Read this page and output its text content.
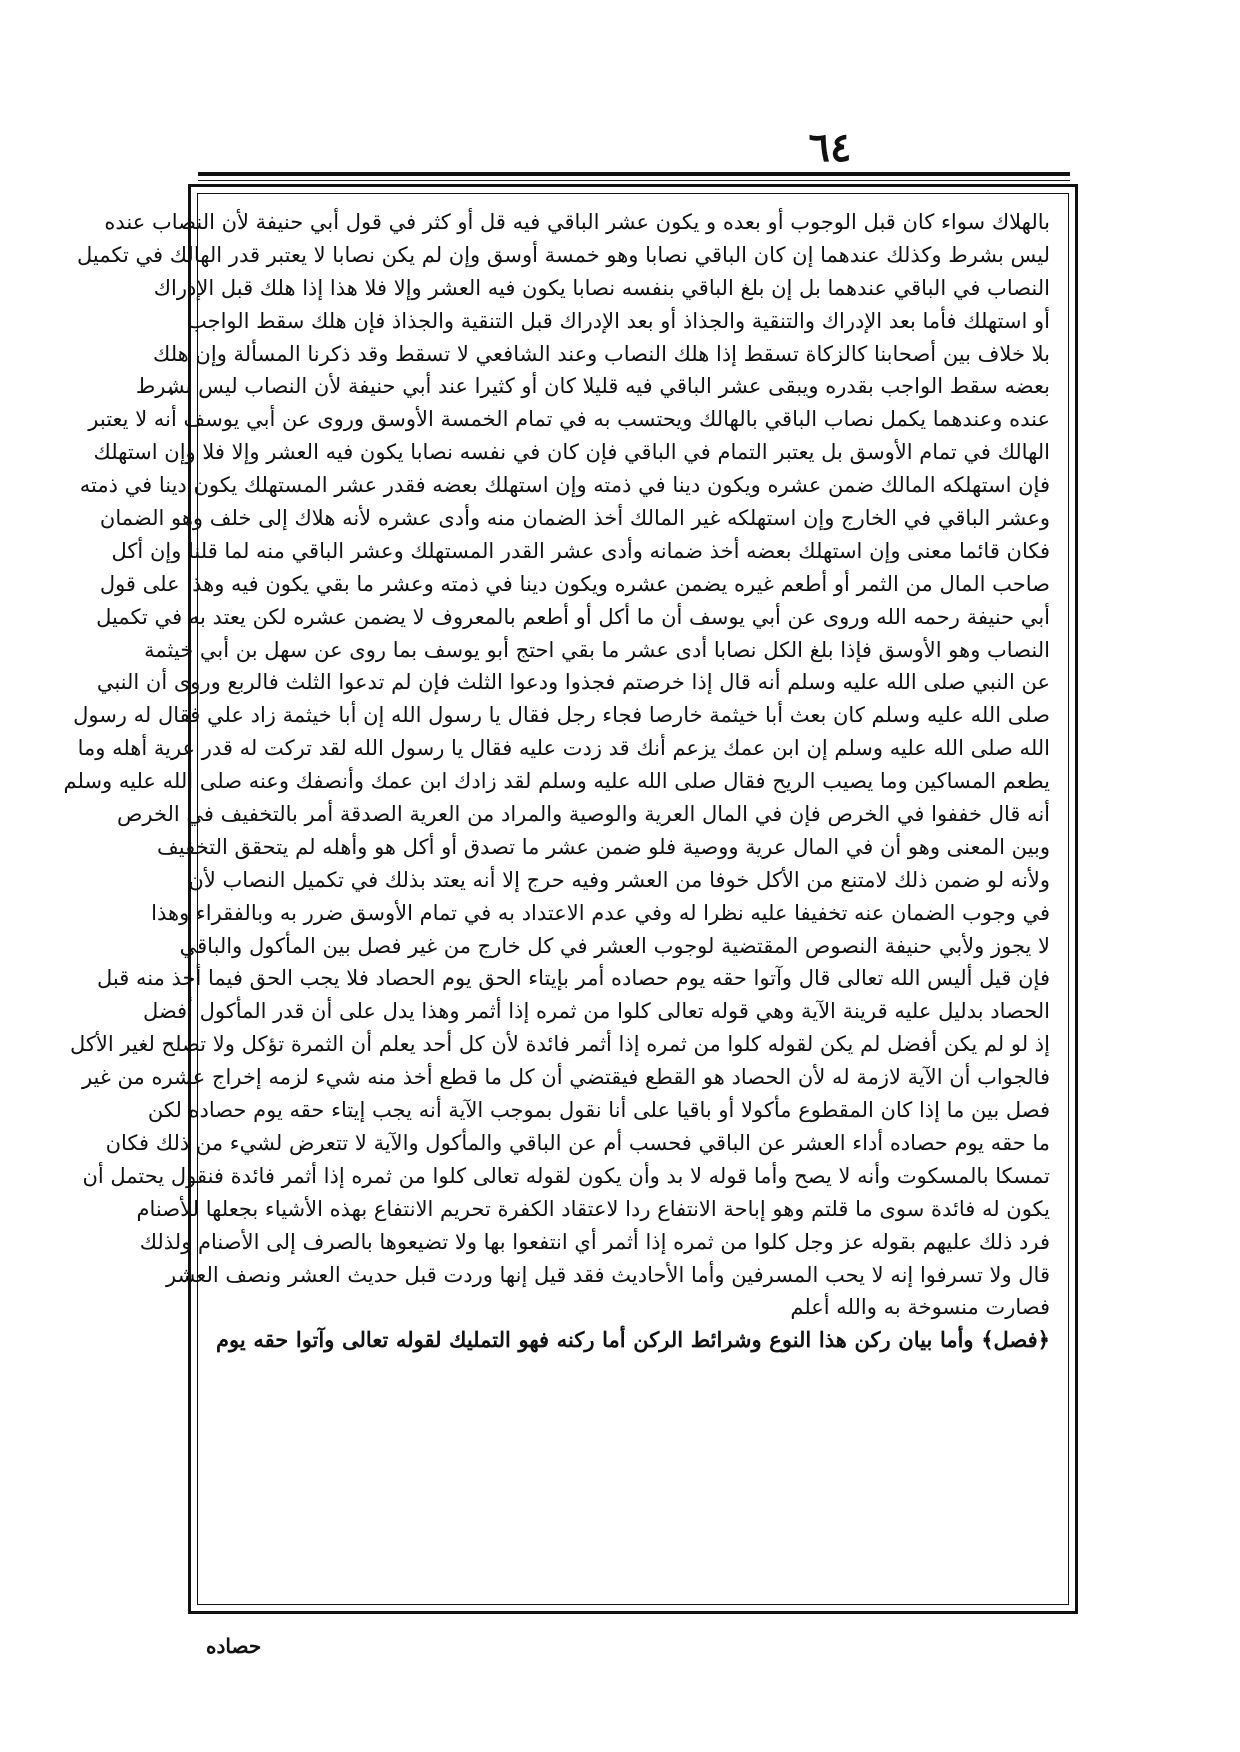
٦٤
بالهلاك سواء كان قبل الوجوب أو بعده و يكون عشر الباقي فيه قل أو كثر في قول أبي حنيفة لأن النصاب عنده
ليس بشرط وكذلك عندهما إن كان الباقي نصابا وهو خمسة أوسق وإن لم يكن نصابا لا يعتبر قدر الهالك في تكميل
النصاب في الباقي عندهما بل إن بلغ الباقي بنفسه نصابا يكون فيه العشر وإلا فلا هذا إذا هلك قبل الإدراك
أو استهلك فأما بعد الإدراك والتنقية والجذاذ أو بعد الإدراك قبل التنقية والجذاذ فإن هلك سقط الواجب
بلا خلاف بين أصحابنا كالزكاة تسقط إذا هلك النصاب وعند الشافعي لا تسقط وقد ذكرنا المسألة وإن هلك
بعضه سقط الواجب بقدره ويبقى عشر الباقي فيه قليلا كان أو كثيرا عند أبي حنيفة لأن النصاب ليس بشرط
عنده وعندهما يكمل نصاب الباقي بالهالك ويحتسب به في تمام الخمسة الأوسق وروى عن أبي يوسف أنه لا يعتبر
الهالك في تمام الأوسق بل يعتبر التمام في الباقي فإن كان في نفسه نصابا يكون فيه العشر وإلا فلا وإن استهلك
فإن استهلكه المالك ضمن عشره ويكون دينا في ذمته وإن استهلك بعضه فقدر عشر المستهلك يكون دينا في ذمته
وعشر الباقي في الخارج وإن استهلكه غير المالك أخذ الضمان منه وأدى عشره لأنه هلاك إلى خلف وهو الضمان
فكان قائما معنى وإن استهلك بعضه أخذ ضمانه وأدى عشر القدر المستهلك وعشر الباقي منه لما قلنا وإن أكل
صاحب المال من الثمر أو أطعم غيره يضمن عشره ويكون دينا في ذمته وعشر ما بقي يكون فيه وهذا على قول
أبي حنيفة رحمه الله وروى عن أبي يوسف أن ما أكل أو أطعم بالمعروف لا يضمن عشره لكن يعتد به في تكميل
النصاب وهو الأوسق فإذا بلغ الكل نصابا أدى عشر ما بقي احتج أبو يوسف بما روى عن سهل بن أبي خيثمة
عن النبي صلى الله عليه وسلم أنه قال إذا خرصتم فجذوا ودعوا الثلث فإن لم تدعوا الثلث فالربع وروى أن النبي
صلى الله عليه وسلم كان بعث أبا خيثمة خارصا فجاء رجل فقال يا رسول الله إن أبا خيثمة زاد علي فقال له رسول
الله صلى الله عليه وسلم إن ابن عمك يزعم أنك قد زدت عليه فقال يا رسول الله لقد تركت له قدر عرية أهله وما
يطعم المساكين وما يصيب الريح فقال صلى الله عليه وسلم لقد زادك ابن عمك وأنصفك وعنه صلى الله عليه وسلم
أنه قال خففوا في الخرص فإن في المال العرية والوصية والمراد من العرية الصدقة أمر بالتخفيف في الخرص
وبين المعنى وهو أن في المال عرية ووصية فلو ضمن عشر ما تصدق أو أكل هو وأهله لم يتحقق التخفيف
ولأنه لو ضمن ذلك لامتنع من الأكل خوفا من العشر وفيه حرج إلا أنه يعتد بذلك في تكميل النصاب لأن
في وجوب الضمان عنه تخفيفا عليه نظرا له وفي عدم الاعتداد به في تمام الأوسق ضرر به وبالفقراء وهذا
لا يجوز ولأبي حنيفة النصوص المقتضية لوجوب العشر في كل خارج من غير فصل بين المأكول والباقي
فإن قيل أليس الله تعالى قال وآتوا حقه يوم حصاده أمر بإيتاء الحق يوم الحصاد فلا يجب الحق فيما أخذ منه قبل
الحصاد بدليل عليه قرينة الآية وهي قوله تعالى كلوا من ثمره إذا أثمر وهذا يدل على أن قدر المأكول أفضل
إذ لو لم يكن أفضل لم يكن لقوله كلوا من ثمره إذا أثمر فائدة لأن كل أحد يعلم أن الثمرة تؤكل ولا تصلح لغير الأكل
فالجواب أن الآية لازمة له لأن الحصاد هو القطع فيقتضي أن كل ما قطع أخذ منه شيء لزمه إخراج عشره من غير
فصل بين ما إذا كان المقطوع مأكولا أو باقيا على أنا نقول بموجب الآية أنه يجب إيتاء حقه يوم حصاده لكن
ما حقه يوم حصاده أداء العشر عن الباقي فحسب أم عن الباقي والمأكول والآية لا تتعرض لشيء من ذلك فكان
تمسكا بالمسكوت وأنه لا يصح وأما قوله لا بد وأن يكون لقوله تعالى كلوا من ثمره إذا أثمر فائدة فنقول يحتمل أن
يكون له فائدة سوى ما قلتم وهو إباحة الانتفاع ردا لاعتقاد الكفرة تحريم الانتفاع بهذه الأشياء بجعلها للأصنام
فرد ذلك عليهم بقوله عز وجل كلوا من ثمره إذا أثمر أي انتفعوا بها ولا تضيعوها بالصرف إلى الأصنام ولذلك
قال ولا تسرفوا إنه لا يحب المسرفين وأما الأحاديث فقد قيل إنها وردت قبل حديث العشر ونصف العشر
فصارت منسوخة به والله أعلم
﴿فصل﴾ وأما بيان ركن هذا النوع وشرائط الركن أما ركنه فهو التمليك لقوله تعالى وآتوا حقه يوم
حصاده
